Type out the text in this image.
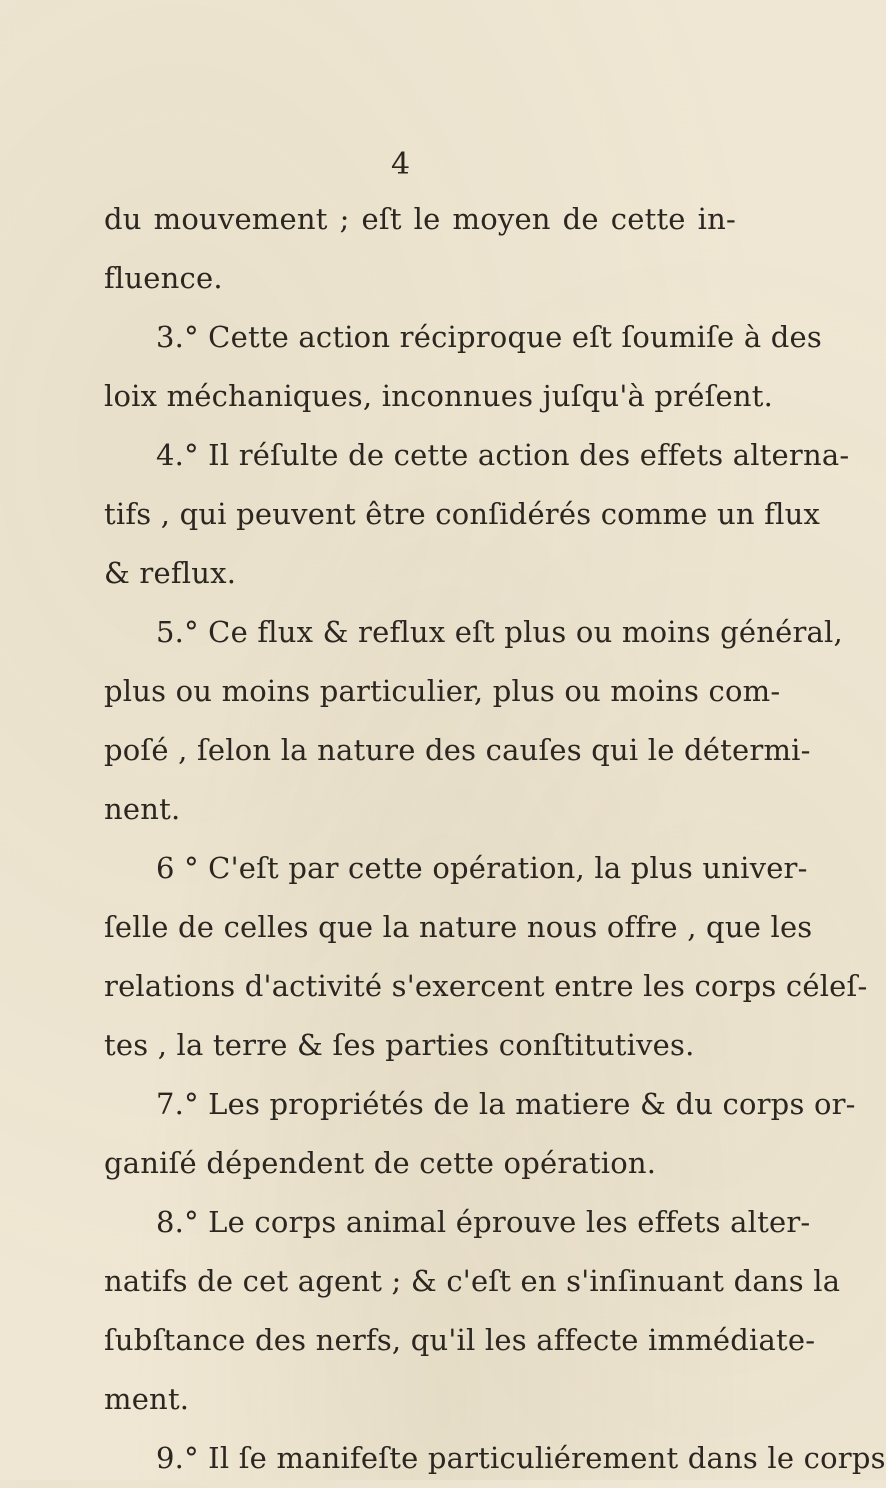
4
du mouvement ; eſt le moyen de cette in-
fluence.
3.° Cette action réciproque eſt ſoumiſe à des
loix méchaniques, inconnues juſqu'à préſent.
4.° Il réſulte de cette action des effets alterna-
tifs , qui peuvent être conſidérés comme un flux
& reflux.
5.° Ce flux & reflux eſt plus ou moins général,
plus ou moins particulier, plus ou moins com-
poſé , ſelon la nature des cauſes qui le détermi-
nent.
6 ° C'eſt par cette opération, la plus univer-
ſelle de celles que la nature nous offre , que les
relations d'activité s'exercent entre les corps céleſ-
tes , la terre & ſes parties conſtitutives.
7.° Les propriétés de la matiere & du corps or-
ganiſé dépendent de cette opération.
8.° Le corps animal éprouve les effets alter-
natifs de cet agent ; & c'eſt en s'inſinuant dans la
ſubſtance des nerfs, qu'il les affecte immédiate-
ment.
9.° Il ſe manifeſte particuliérement dans le corps
